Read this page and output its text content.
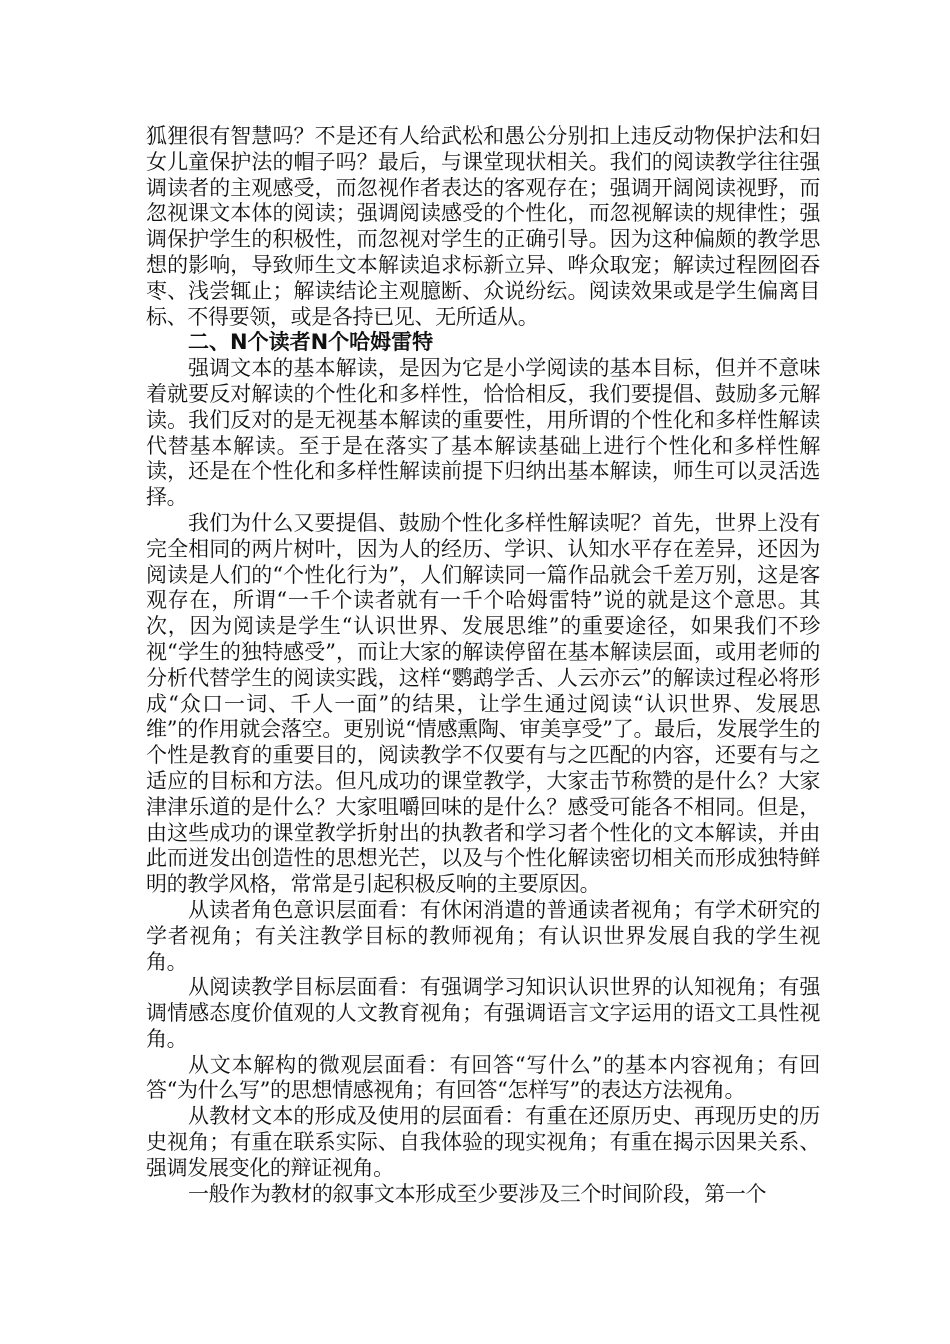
狐狸很有智慧吗？不是还有人给武松和愚公分别扣上违反动物保护法和妇女儿童保护法的帽子吗？最后，与课堂现状相关。我们的阅读教学往往强调读者的主观感受，而忽视作者表达的客观存在；强调开阔阅读视野，而忽视课文本体的阅读；强调阅读感受的个性化，而忽视解读的规律性；强调保护学生的积极性，而忽视对学生的正确引导。因为这种偏颇的教学思想的影响，导致师生文本解读追求标新立异、哗众取宠；解读过程囫囵吞枣、浅尝辄止；解读结论主观臆断、众说纷纭。阅读效果或是学生偏离目标、不得要领，或是各持已见、无所适从。

二、N个读者N个哈姆雷特

强调文本的基本解读，是因为它是小学阅读的基本目标，但并不意味着就要反对解读的个性化和多样性，恰恰相反，我们要提倡、鼓励多元解读。我们反对的是无视基本解读的重要性，用所谓的个性化和多样性解读代替基本解读。至于是在落实了基本解读基础上进行个性化和多样性解读，还是在个性化和多样性解读前提下归纳出基本解读，师生可以灵活选择。

我们为什么又要提倡、鼓励个性化多样性解读呢？首先，世界上没有完全相同的两片树叶，因为人的经历、学识、认知水平存在差异，还因为阅读是人们的“个性化行为”，人们解读同一篇作品就会千差万别，这是客观存在，所谓“一千个读者就有一千个哈姆雷特”说的就是这个意思。其次，因为阅读是学生“认识世界、发展思维”的重要途径，如果我们不珍视“学生的独特感受”，而让大家的解读停留在基本解读层面，或用老师的分析代替学生的阅读实践，这样“鹦鹉学舌、人云亦云”的解读过程必将形成“众口一词、千人一面”的结果，让学生通过阅读“认识世界、发展思维”的作用就会落空。更别说“情感熏陶、审美享受”了。最后，发展学生的个性是教育的重要目的，阅读教学不仅要有与之匹配的内容，还要有与之适应的目标和方法。但凡成功的课堂教学，大家击节称赞的是什么？大家津津乐道的是什么？大家咀嚼回味的是什么？感受可能各不相同。但是，由这些成功的课堂教学折射出的执教者和学习者个性化的文本解读，并由此而迸发出创造性的思想光芒，以及与个性化解读密切相关而形成独特鲜明的教学风格，常常是引起积极反响的主要原因。

从读者角色意识层面看：有休闲消遣的普通读者视角；有学术研究的学者视角；有关注教学目标的教师视角；有认识世界发展自我的学生视角。

从阅读教学目标层面看：有强调学习知识认识世界的认知视角；有强调情感态度价值观的人文教育视角；有强调语言文字运用的语文工具性视角。

从文本解构的微观层面看：有回答“写什么”的基本内容视角；有回答“为什么写”的思想情感视角；有回答“怎样写”的表达方法视角。

从教材文本的形成及使用的层面看：有重在还原历史、再现历史的历史视角；有重在联系实际、自我体验的现实视角；有重在揭示因果关系、强调发展变化的辩证视角。

一般作为教材的叙事文本形成至少要涉及三个时间阶段，第一个
